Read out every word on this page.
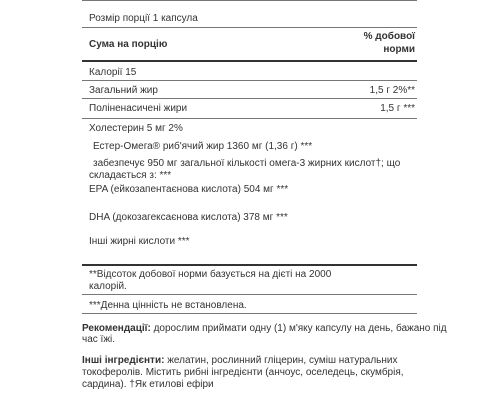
Розмір порції 1 капсула
Сума на порцію
% добової
норми
Калорії 15
Загальний жир	1,5 г 2%**
Поліненасичені жири	1,5 г ***
Холестерин 5 мг 2%
Естер-Омега® риб'ячий жир 1360 мг (1,36 г) ***
забезпечує 950 мг загальної кількості омега-3 жирних кислот†; що
складається з: ***
EPA (ейкозапентаєнова кислота) 504 мг ***
DHA (докозагексаєнова кислота) 378 мг ***
Інші жирні кислоти ***
**Відсоток добової норми базується на дієті на 2000
калорій.
***Денна цінність не встановлена.
Рекомендації: дорослим приймати одну (1) м'яку капсулу на день, бажано під
час їжі.
Інші інгредієнти: желатин, рослинний гліцерин, суміш натуральних
токоферолів. Містить рибні інгредієнти (анчоус, оселедець, скумбрія,
сардина). †Як етилові ефіри
